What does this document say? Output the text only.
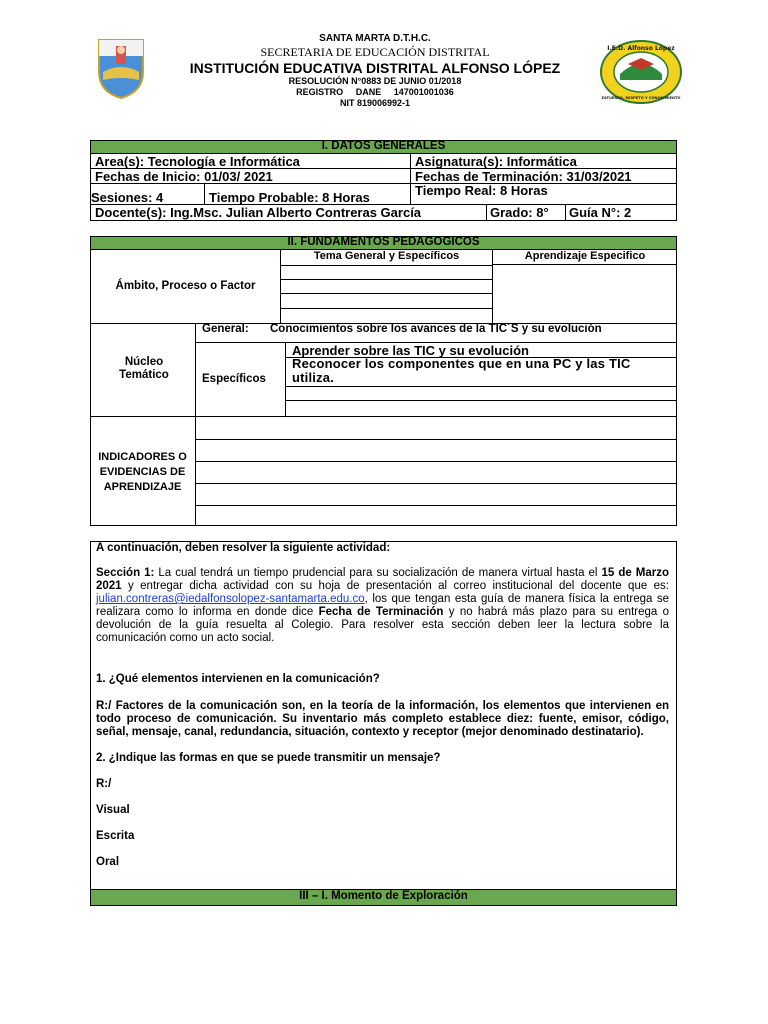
SANTA MARTA D.T.H.C.
SECRETARIA DE EDUCACIÓN DISTRITAL
INSTITUCIÓN EDUCATIVA DISTRITAL ALFONSO LÓPEZ
RESOLUCIÓN N°0883 DE JUNIO 01/2018
REGISTRO DANE 147001001036
NIT 819006992-1
I.E.D. Alfonso López
ESFUERZO, RESPETO Y CONOCIMIENTO
I. DATOS GENERALES
Area(s): Tecnología e Informática	Asignatura(s): Informática
Fechas de Inicio: 01/03/ 2021	Fechas de Terminación: 31/03/2021
Sesiones: 4	Tiempo Probable: 8 Horas	Tiempo Real: 8 Horas
Docente(s): Ing.Msc. Julian Alberto Contreras García	Grado: 8° Guía N°: 2
II. FUNDAMENTOS PEDAGOGICOS
Ámbito, Proceso o Factor
Tema General y Específicos	Aprendizaje Especifico
Núcleo Temático
General: Conocimientos sobre los avances de la TIC´S y su evolución
Específicos
Aprender sobre las TIC y su evolución
Reconocer los componentes que en una PC y las TIC utiliza.
INDICADORES O EVIDENCIAS DE APRENDIZAJE
A continuación, deben resolver la siguiente actividad:
Sección 1: La cual tendrá un tiempo prudencial para su socialización de manera virtual hasta el 15 de Marzo 2021 y entregar dicha actividad con su hoja de presentación al correo institucional del docente que es: julian.contreras@iedalfonsolopez-santamarta.edu.co, los que tengan esta guía de manera física la entrega se realizara como lo informa en donde dice Fecha de Terminación y no habrá más plazo para su entrega o devolución de la guía resuelta al Colegio. Para resolver esta sección deben leer la lectura sobre la comunicación como un acto social.
1. ¿Qué elementos intervienen en la comunicación?
R:/ Factores de la comunicación son, en la teoría de la información, los elementos que intervienen en todo proceso de comunicación. Su inventario más completo establece diez: fuente, emisor, código, señal, mensaje, canal, redundancia, situación, contexto y receptor (mejor denominado destinatario).
2. ¿Indique las formas en que se puede transmitir un mensaje?
R:/
Visual
Escrita
Oral
III – I. Momento de Exploración
